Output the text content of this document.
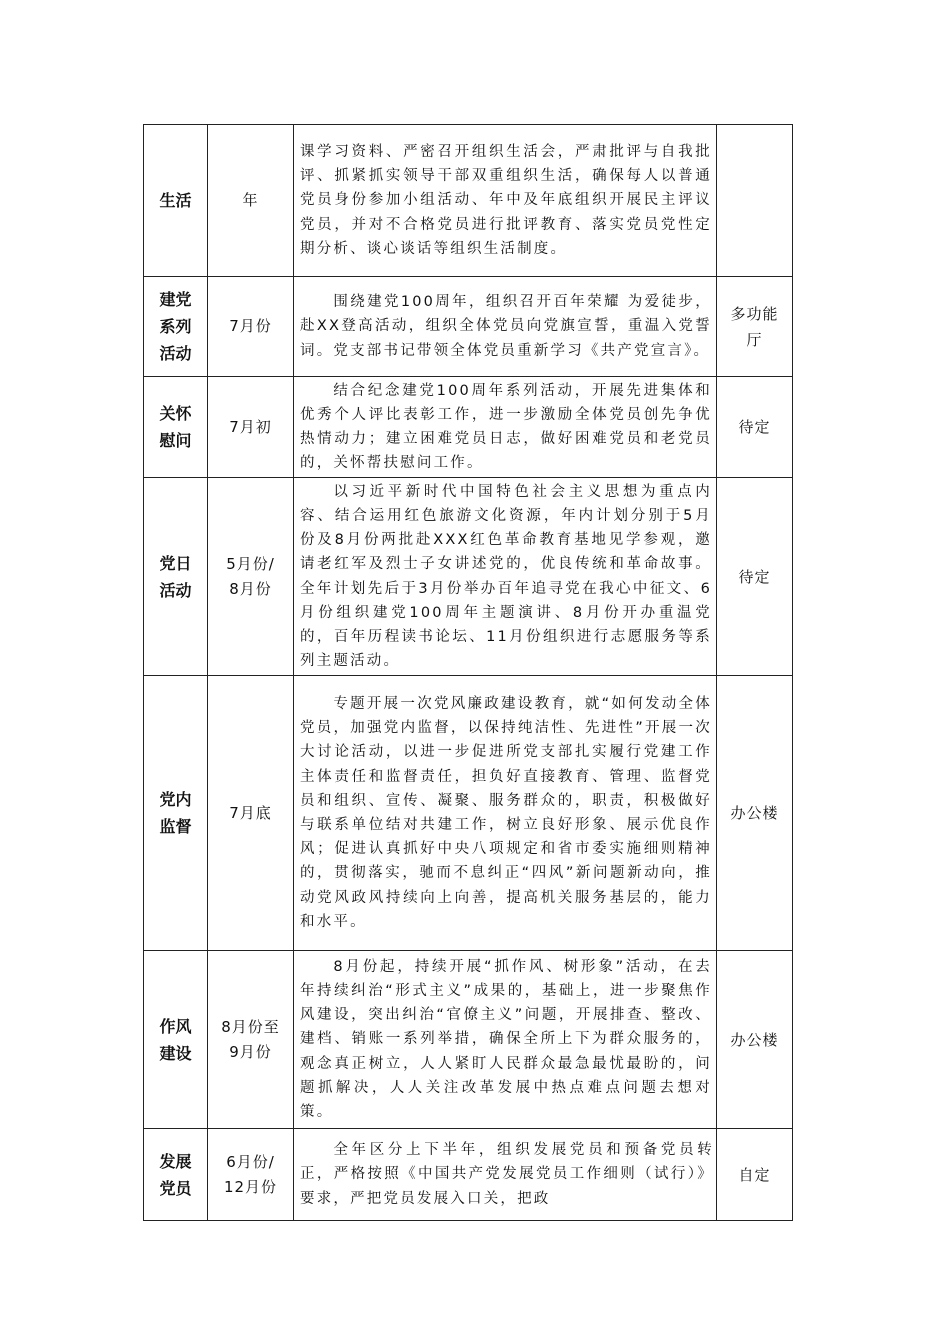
生活	年	课学习资料、严密召开组织生活会，严肃批评与自我批评、抓紧抓实领导干部双重组织生活，确保每人以普通党员身份参加小组活动、年中及年底组织开展民主评议党员，并对不合格党员进行批评教育、落实党员党性定期分析、谈心谈话等组织生活制度。	

建党
系列
活动	7月份	围绕建党100周年，组织召开百年荣耀 为爱徒步，赴XX登高活动，组织全体党员向党旗宣誓，重温入党誓词。党支部书记带领全体党员重新学习《共产党宣言》。	多功能
厅

关怀
慰问	7月初	结合纪念建党100周年系列活动，开展先进集体和优秀个人评比表彰工作，进一步激励全体党员创先争优热情动力；建立困难党员日志，做好困难党员和老党员的，关怀帮扶慰问工作。	待定

党日
活动	5月份/
8月份	以习近平新时代中国特色社会主义思想为重点内容、结合运用红色旅游文化资源，年内计划分别于5月份及8月份两批赴XXX红色革命教育基地见学参观，邀请老红军及烈士子女讲述党的，优良传统和革命故事。全年计划先后于3月份举办百年追寻党在我心中征文、6月份组织建党100周年主题演讲、8月份开办重温党的，百年历程读书论坛、11月份组织进行志愿服务等系列主题活动。	待定

党内
监督	7月底	专题开展一次党风廉政建设教育，就“如何发动全体党员，加强党内监督，以保持纯洁性、先进性”开展一次大讨论活动，以进一步促进所党支部扎实履行党建工作主体责任和监督责任，担负好直接教育、管理、监督党员和组织、宣传、凝聚、服务群众的，职责，积极做好与联系单位结对共建工作，树立良好形象、展示优良作风；促进认真抓好中央八项规定和省市委实施细则精神的，贯彻落实，驰而不息纠正“四风”新问题新动向，推动党风政风持续向上向善，提高机关服务基层的，能力和水平。	办公楼

作风
建设	8月份至
9月份	8月份起，持续开展“抓作风、树形象”活动，在去年持续纠治“形式主义”成果的，基础上，进一步聚焦作风建设，突出纠治“官僚主义”问题，开展排查、整改、建档、销账一系列举措，确保全所上下为群众服务的，观念真正树立，人人紧盯人民群众最急最忧最盼的，问题抓解决，人人关注改革发展中热点难点问题去想对策。	办公楼

发展
党员	6月份/
12月份	全年区分上下半年，组织发展党员和预备党员转正，严格按照《中国共产党发展党员工作细则（试行）》要求，严把党员发展入口关，把政	自定
